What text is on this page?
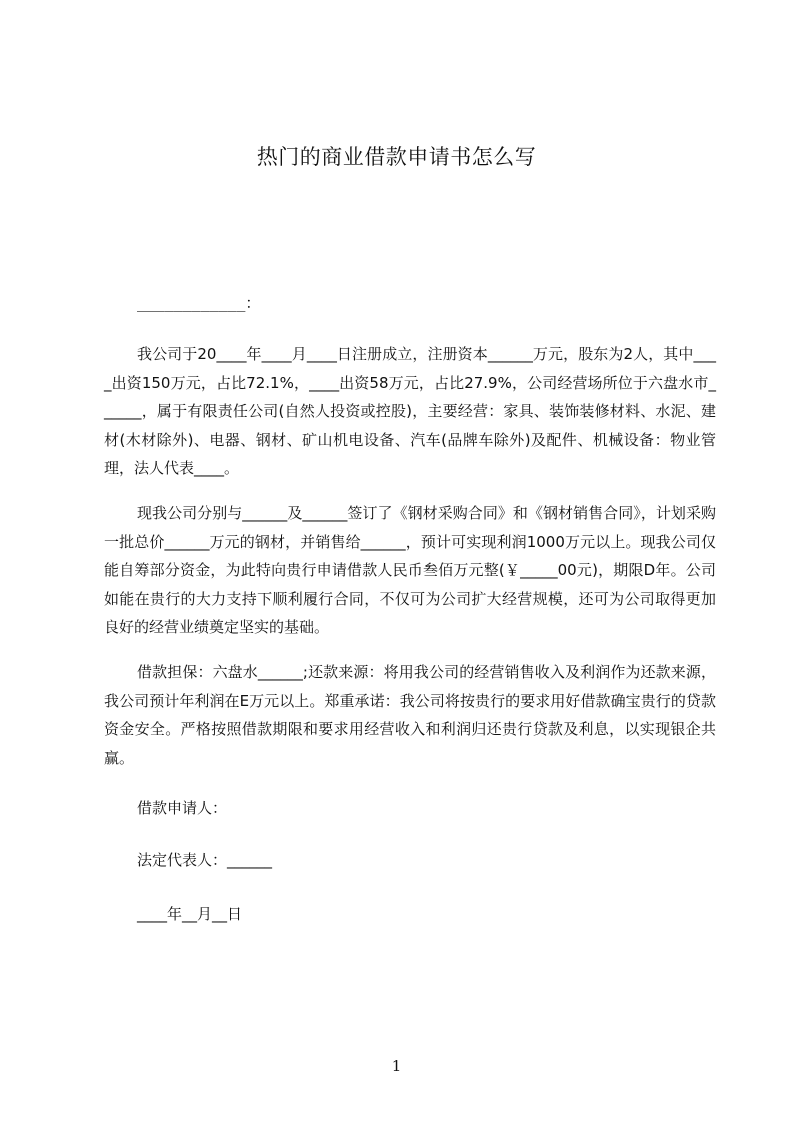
热门的商业借款申请书怎么写
____________：

我公司于20____年____月____日注册成立，注册资本______万元，股东为2人，其中____出资150万元，占比72.1%，____出资58万元，占比27.9%，公司经营场所位于六盘水市______，属于有限责任公司(自然人投资或控股)，主要经营：家具、装饰装修材料、水泥、建材(木材除外)、电器、钢材、矿山机电设备、汽车(品牌车除外)及配件、机械设备：物业管理，法人代表____。

现我公司分别与______及______签订了《钢材采购合同》和《钢材销售合同》，计划采购一批总价______万元的钢材，并销售给______，预计可实现利润1000万元以上。现我公司仅能自筹部分资金，为此特向贵行申请借款人民币叁佰万元整(￥_____00元)，期限D年。公司如能在贵行的大力支持下顺利履行合同，不仅可为公司扩大经营规模，还可为公司取得更加良好的经营业绩奠定坚实的基础。

借款担保：六盘水______;还款来源：将用我公司的经营销售收入及利润作为还款来源，我公司预计年利润在E万元以上。郑重承诺：我公司将按贵行的要求用好借款确宝贵行的贷款资金安全。严格按照借款期限和要求用经营收入和利润归还贵行贷款及利息，以实现银企共赢。

借款申请人：
法定代表人：______
____年__月__日
1
